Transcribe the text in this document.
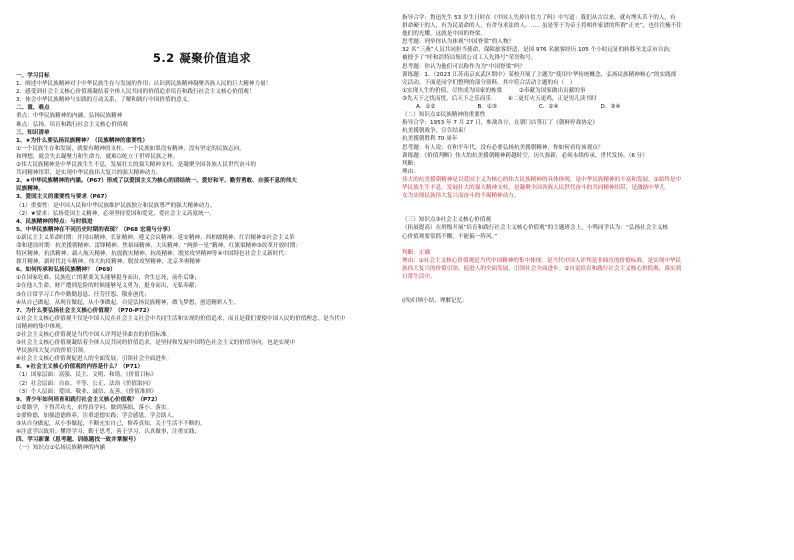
5.2 凝聚价值追求
一、学习目标
1．阐述中华民族精神对于中华民族生存与发展的作用；认识到民族精神凝聚各族人民的巨大精神力量！
2．感受到社会主义核心价值观凝结着全体人民共同的价值追求培育和践行社会主义核心价值观！
3．体会中华民族精神与实践的互动关系，了解和践行中国价值的意义。
二、重、难点
重点：中华民族精神的内涵，弘扬民族精神
难点：弘扬、培育和践行社会主义核心价值观
三、知识清单
1、★为什么要弘扬民族精神？（民族精神的重要性）
①一个民族生存和发展，就要有精神的支柱。一个民族如果没有精神，没有坚定的民族志向，
和理想，就会失去凝聚力和生命力，就难以屹立于世界民族之林。
②伟大民族精神是中华民族生生不息，发展壮大的强大精神支柱，是凝聚全国各族人民世代奋斗的
共同精神纽带，是实现中华民族伟大复兴的强大精神动力。
2、★中华民族精神的内涵。（P67）形成了以爱国主义为核心的团结统一、爱好和平、勤劳勇敢、自强不息的伟大
民族精神。
3、爱国主义的重要性与要求（P67）
（1）重要性：是中国人民和中华民族维护民族独立和民族尊严的强大精神动力。
（2）★要求：弘扬爱国主义精神，必须坚持爱国和爱党、爱社会主义高度统一。
4、民族精神的特点：与时俱进
5、中华民族精神在不同历史时期的表现？（P68 宏观与分享）
①新民主主义革命时期：井冈山精神、长征精神、遵义会议精神、延安精神、西柏坡精神、红岩精神②社会主义革
命和建设时期：抗美援朝精神、雷锋精神、焦裕禄精神、大庆精神、“两弹一星”精神、红旗渠精神③改革开放时期：
特区精神、抗洪精神、载人航天精神、抗震救灾精神、抗疫精神、脱贫攻坚精神等④中国特色社会主义新时代：
探月精神、新时代北斗精神、伟大抗疫精神、脱贫攻坚精神、北京冬奥精神
6、如何传承和弘扬民族精神？（P69）
①在国家危难、民族危亡的紧要关头能够挺身而出，舍生忘死，前仆后继；
②在他人生命、财产遭到危险的时候能够见义勇为，挺身而出，无私奉献；
③在日常学习工作中勤勤恳恳、任劳任怨、敬业创优；
④从自己做起，从现在做起，从小事做起，自觉弘扬民族精神，做飞梦想，创造精彩人生。
7、为什么要弘扬社会主义核心价值观？（P70-P72）
①社会主义核心价值观不仅是中国人民在社会主义社会中共同生活和实现的价值追求，而且是我们要使中国人民的价值理念，是当代中
国精神的集中体现。
②社会主义核心价值观是当代中国人评判是非曲直的价值标准。
③社会主义核心价值观凝结着全体人民共同的价值追求，是坚持和发展中国特色社会主义的价值导向，也是实现中
华民族伟大复兴的价值引领。
④社会主义核心价值观促进人的全面发展，引领社会全面进步。
8、★社会主义核心价值观的内容是什么？（P71）
（1）国家层面：富强、民主、文明、和谐。《价值目标》
（2）社会层面：自由、平等、公正、法治《价值取向》
（3）个人层面：爱国、敬业、诚信、友善。《价值准则》
9、青少年如何培育和践行社会主义核心价值观？（P72）
①要勤学，下得苦功夫，求得真学问。做到落细、落小、落实。
②要修德，加强道德修养，注重道德实践；学会感恩，学会助人。
③从自身做起，从小事做起，不断充实自己，修养真知，关于生活不不断的。
④注意学以致用；懂得学习；勤于思考，善于学习，认真做事，注重实践；
四、学习新课（思考题、训练题找一致并掌握号）
（一）知识点①弘扬民族精神的内涵
指导合学：鲁迅先生 53 岁生日时在《中国人失掉自信力了吗》中写道：我们从古以来，就有埋头苦干的人，有
拼命硬干的人，有为民请命的人，有舍身求法的人，……虽是等于为帝王将相作家谱的所谓“正史”，也往往掩不住
他们的光耀，这就是中国的脊梁。
思考题：列举你认为体现“中国脊梁”的人物？
32 名“三燕”人员共同担当使命，保障旅客舒适，是国 976 名旅客经历 105 个小时远征的转移至北京市自治，
被授予了“呼和浩特局集团公司工人先锋号”荣誉称号。
思考题：你认为他们可以称作为为“中国脊梁”吗？
训练题：1．（2023 江苏南京玄武区期中）某校开展了主题为“使用中华传统概念，弘扬民族精神核心”的实践探
究活动。下面是同学们整理的部分资料，其中符合活动主题的有（　）
①实现人生的价值，尽快成为国家的栋梁　　　②奉献为国家做出贡献的事
③先天下之忧而忧，后天下之乐而乐　　　④二更灯火五更鸡，正是男儿读书时
A．①②	B．①③	C．②④	D．③④
（二）知识点②民族精神的重要性
指导合学：1953 年 7 月 27 日，参战各方，在朝门店签订了《朝鲜停战协定》
抗美援朝战争，宣告结束！
抗美援朝胜利 70 周年
思考题：有人说：在和平年代，没有必要弘扬抗美援朝精神，你如何看待该观点？
训练题：《价值判断》伟大的抗美援朝精神跨越时空，历久弥新，必须永续传承，世代发扬。（6 分）
判断：
理由：
伟大的抗美援朝精神是以爱国主义为核心的伟大民族精神的具体体现，是中华民族精神的丰富和发展。②始终是中
华民族生生不息，发展壮大的强大精神支柱，是凝聚全国各族人民世代奋斗的共同精神纽带，是激励中华儿
女为实现民族伟大复兴而奋斗的不竭精神动力。

（三）知识点③社会主义核心价值观
（拓展提高）在班级开展“培育和践行社会主义核心价值观”的主题班会上，小鸣同学认为：“弘扬社会主义核
心价值观要常抓不懈，不能搞一阵风。”

判断：正确
理由：①社会主义核心价值观是当代中国精神的集中体现，是当代中国人评判是非曲直的价值标准，是实现中华民
族伟大复兴的价值引领，促进人的全面发展，引领社会全面进步。②自觉培育和践行社会主义核心价值观，落实到
日常生活中。

(四)归纳小结，理解记忆：
